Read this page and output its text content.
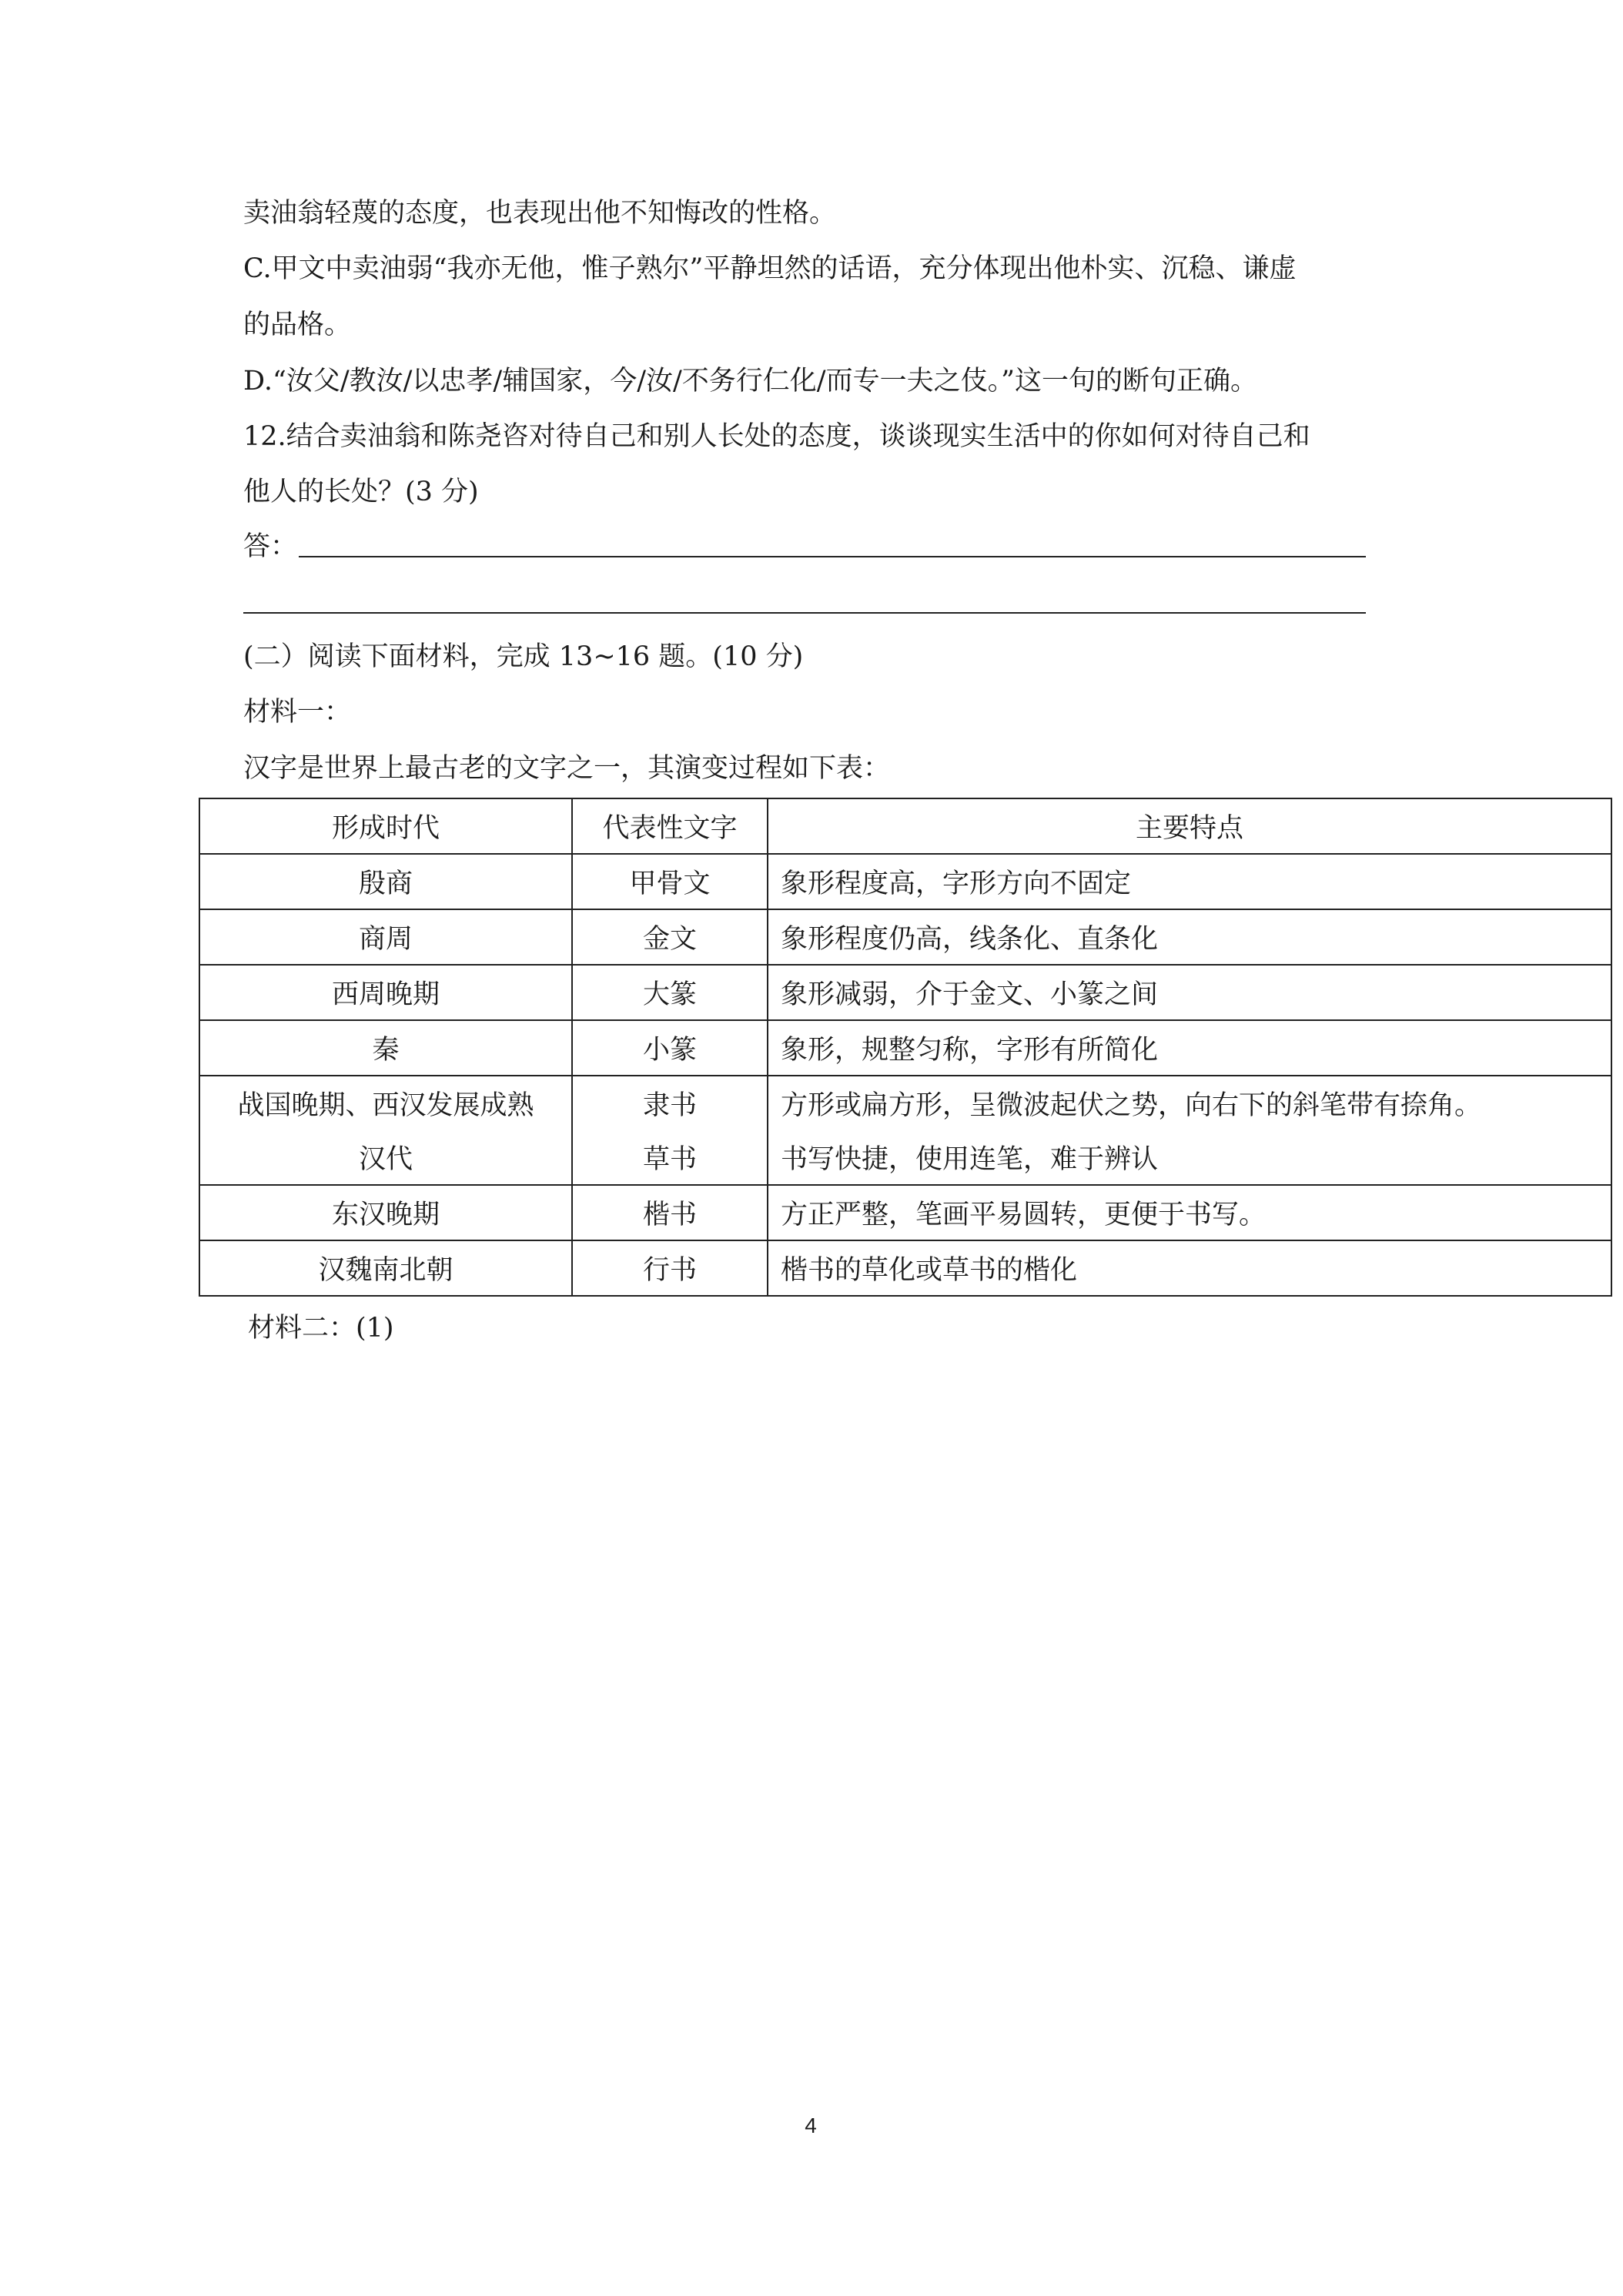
卖油翁轻蔑的态度，也表现出他不知悔改的性格。
C.甲文中卖油弱“我亦无他，惟子熟尔”平静坦然的话语，充分体现出他朴实、沉稳、谦虚
的品格。
D.“汝父/教汝/以忠孝/辅国家，今/汝/不务行仁化/而专一夫之伎。”这一句的断句正确。
12.结合卖油翁和陈尧咨对待自己和别人长处的态度，谈谈现实生活中的你如何对待自己和
他人的长处？(3 分)
答：
(二）阅读下面材料，完成 13~16 题。(10 分)
材料一：
汉字是世界上最古老的文字之一，其演变过程如下表：
形成时代	代表性文字	主要特点
殷商	甲骨文	象形程度高，字形方向不固定
商周	金文	象形程度仍高，线条化、直条化
西周晚期	大篆	象形减弱，介于金文、小篆之间
秦	小篆	象形，规整匀称，字形有所简化
战国晚期、西汉发展成熟	隶书	方形或扁方形，呈微波起伏之势，向右下的斜笔带有捺角。
汉代	草书	书写快捷，使用连笔，难于辨认
东汉晚期	楷书	方正严整，笔画平易圆转，更便于书写。
汉魏南北朝	行书	楷书的草化或草书的楷化
材料二：(1)
4
